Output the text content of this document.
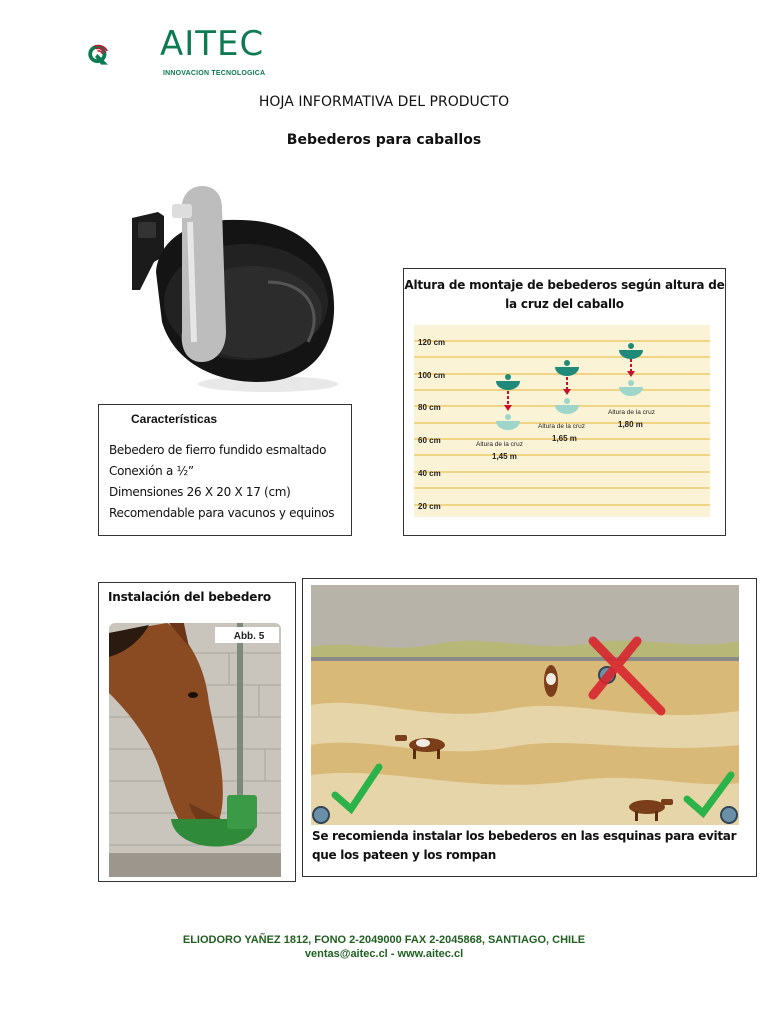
AITEC
INNOVACION TECNOLOGICA
HOJA INFORMATIVA DEL PRODUCTO
Bebederos para caballos
Características
Bebedero de fierro fundido esmaltado
Conexión a ½”
Dimensiones 26 X 20 X 17 (cm)
Recomendable para vacunos y equinos
Altura de montaje de bebederos según altura de la cruz del caballo
120 cm
100 cm
80 cm
60 cm
40 cm
20 cm
Altura de la cruz
1,45 m
Altura de la cruz
1,65 m
Altura de la cruz
1,80 m
Instalación del bebedero
Abb. 5
Se recomienda instalar los bebederos en las esquinas para evitar que los pateen y los rompan
ELIODORO YAÑEZ 1812, FONO 2-2049000 FAX 2-2045868, SANTIAGO, CHILE
ventas@aitec.cl - www.aitec.cl
